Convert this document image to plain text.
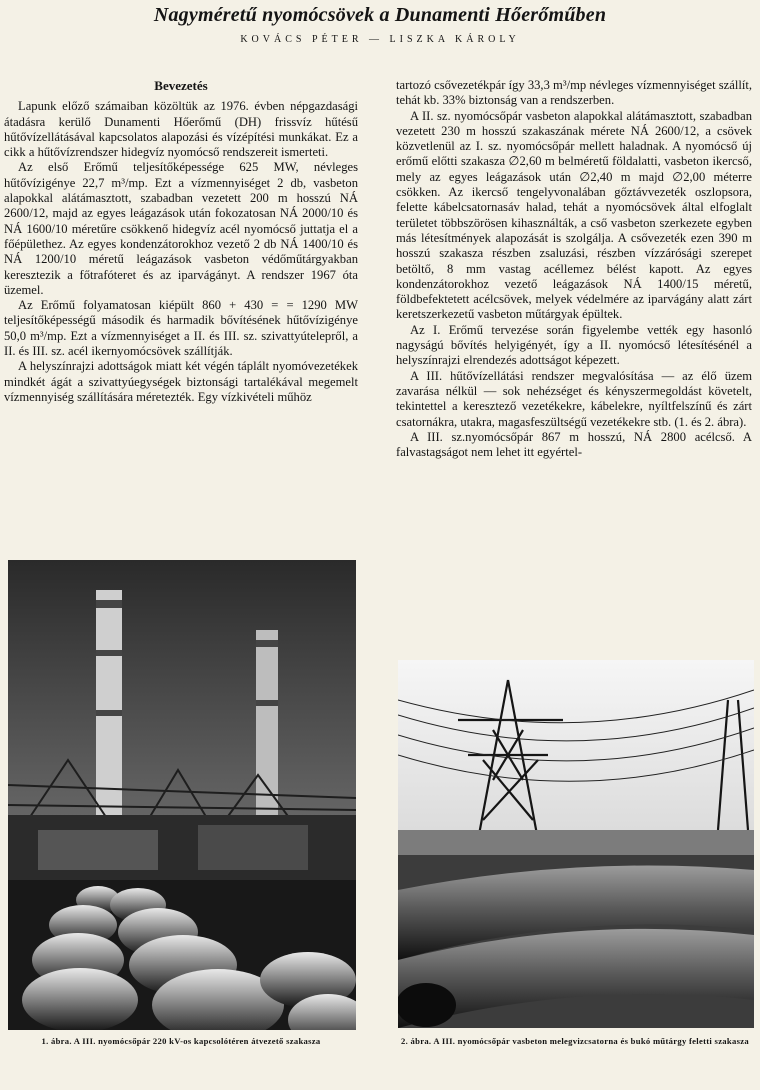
Nagyméretű nyomócsövek a Dunamenti Hőerőműben
KOVÁCS PÉTER — LISZKA KÁROLY
Bevezetés

Lapunk előző számaiban közöltük az 1976. évben népgazdasági átadásra kerülő Dunamenti Hőerőmű (DH) frissvíz hűtésű hűtővízellátásával kapcsolatos alapozási és vízépítési munkákat. Ez a cikk a hűtővízrendszer hidegvíz nyomócső rendszereit ismerteti.

Az első Erőmű teljesítőképessége 625 MW, névleges hűtővízigénye 22,7 m³/mp. Ezt a vízmennyiséget 2 db, vasbeton alapokkal alátámasztott, szabadban vezetett 200 m hosszú NÁ 2600/12, majd az egyes leágazások után fokozatosan NÁ 2000/10 és NÁ 1600/10 méretűre csökkenő hidegvíz acél nyomócső juttatja el a főépülethez. Az egyes kondenzátorokhoz vezető 2 db NÁ 1400/10 és NÁ 1200/10 méretű leágazások vasbeton védőműtárgyakban keresztezik a főtrafóteret és az iparvágányt. A rendszer 1967 óta üzemel.

Az Erőmű folyamatosan kiépült 860 + 430 = = 1290 MW teljesítőképességű második és harmadik bővítésének hűtővízigénye 50,0 m³/mp. Ezt a vízmennyiséget a II. és III. sz. szivattyútelepről, a II. és III. sz. acél ikernyomócsövek szállítják.

A helyszínrajzi adottságok miatt két végén táplált nyomóvezetékek mindkét ágát a szivattyúegységek biztonsági tartalékával megemelt vízmennyiség szállítására méretezték. Egy vízkivételi műhöz

tartozó csővezetékpár így 33,3 m³/mp névleges vízmennyiséget szállít, tehát kb. 33% biztonság van a rendszerben.

A II. sz. nyomócsőpár vasbeton alapokkal alátámasztott, szabadban vezetett 230 m hosszú szakaszának mérete NÁ 2600/12, a csövek közvetlenül az I. sz. nyomócsőpár mellett haladnak. A nyomócső új erőmű előtti szakasza ∅2,60 m belméretű földalatti, vasbeton ikercső, mely az egyes leágazások után ∅2,40 m majd ∅2,00 méterre csökken. Az ikercső tengelyvonalában gőztávvezeték oszlopsora, felette kábelcsatornasáv halad, tehát a nyomócsövek által elfoglalt területet többszörösen kihasználták, a cső vasbeton szerkezete egyben más létesítmények alapozását is szolgálja. A csővezeték ezen 390 m hosszú szakasza részben zsaluzási, részben vízzárósági szerepet betöltő, 8 mm vastag acéllemez bélést kapott. Az egyes kondenzátorokhoz vezető leágazások NÁ 1400/15 méretű, földbefektetett acélcsövek, melyek védelmére az iparvágány alatt zárt keretszerkezetű vasbeton műtárgyak épültek.

Az I. Erőmű tervezése során figyelembe vették egy hasonló nagyságú bővítés helyigényét, így a II. nyomócső létesítésénél a helyszínrajzi elrendezés adottságot képezett.

A III. hűtővízellátási rendszer megvalósítása — az élő üzem zavarása nélkül — sok nehézséget és kényszermegoldást követelt, tekintettel a keresztező vezetékekre, kábelekre, nyíltfelszínű és zárt csatornákra, utakra, magasfeszültségű vezetékekre stb. (1. és 2. ábra).

A III. sz.nyomócsőpár 867 m hosszú, NÁ 2800 acélcső. A falvastagságot nem lehet itt egyértel-

1. ábra. A III. nyomócsőpár 220 kV-os kapcsolótéren átvezető szakasza	2. ábra. A III. nyomócsőpár vasbeton melegvizcsatorna és bukó műtárgy feletti szakasza
